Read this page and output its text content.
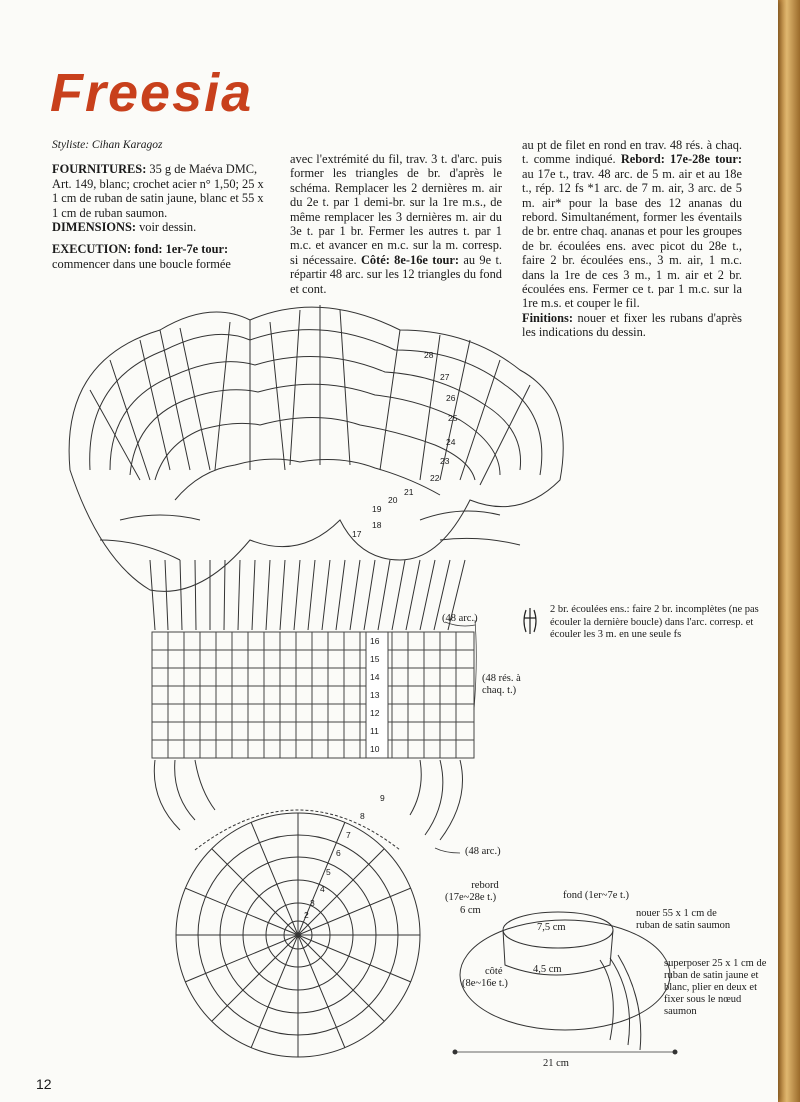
Freesia

Styliste: Cihan Karagoz

FOURNITURES: 35 g de Maéva DMC, Art. 149, blanc; crochet acier n° 1,50; 25 x 1 cm de ruban de satin jaune, blanc et 55 x 1 cm de ruban saumon.
DIMENSIONS: voir dessin.

EXECUTION: fond: 1er-7e tour: commencer dans une boucle formée

avec l'extrémité du fil, trav. 3 t. d'arc. puis former les triangles de br. d'après le schéma. Remplacer les 2 dernières m. air du 2e t. par 1 demi-br. sur la 1re m.s., de même remplacer les 3 dernières m. air du 3e t. par 1 br. Fermer les autres t. par 1 m.c. et avancer en m.c. sur la m. corresp. si nécessaire. Côté: 8e-16e tour: au 9e t. répartir 48 arc. sur les 12 triangles du fond et cont.

au pt de filet en rond en trav. 48 rés. à chaq. t. comme indiqué. Rebord: 17e-28e tour: au 17e t., trav. 48 arc. de 5 m. air et au 18e t., rép. 12 fs *1 arc. de 7 m. air, 3 arc. de 5 m. air* pour la base des 12 ananas du rebord. Simultanément, former les éventails de br. entre chaq. ananas et pour les groupes de br. écoulées ens. avec picot du 28e t., faire 2 br. écoulées ens., 3 m. air, 1 m.c. dans la 1re de ces 3 m., 1 m. air et 2 br. écoulées ens. Fermer ce t. par 1 m.c. sur la 1re m.s. et couper le fil.
Finitions: nouer et fixer les rubans d'après les indications du dessin.

(48 arc.)
(48 rés. à chaq. t.)
(48 arc.)
28
27
26
25
24
23
22
21
20
19
18
17
16
15
14
13
12
11
10
9
8
7
6
5
4
3
2
2 br. écoulées ens.: faire 2 br. incomplètes (ne pas écouler la dernière boucle) dans l'arc. corresp. et écouler les 3 m. en une seule fs
rebord
(17e~28e t.)
6 cm
fond (1er~7e t.)
7,5 cm
4,5 cm
côté
(8e~16e t.)
21 cm
nouer 55 x 1 cm de ruban de satin saumon
superposer 25 x 1 cm de ruban de satin jaune et blanc, plier en deux et fixer sous le nœud saumon
12
